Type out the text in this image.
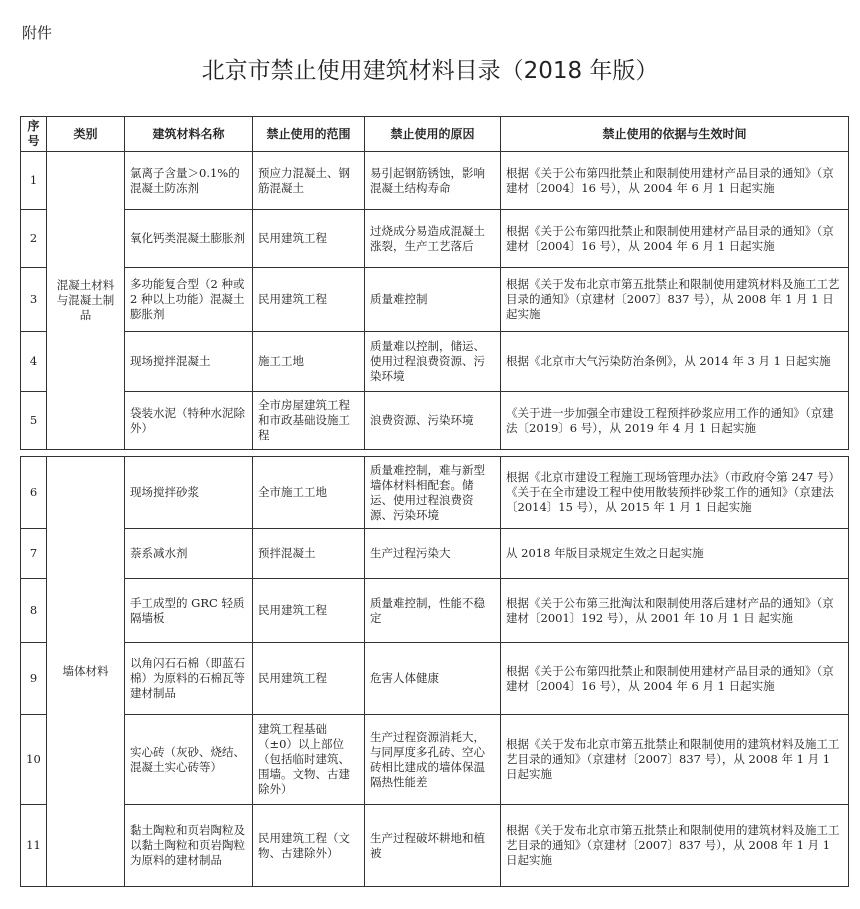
附件
北京市禁止使用建筑材料目录（2018 年版）
序号	类别	建筑材料名称	禁止使用的范围	禁止使用的原因	禁止使用的依据与生效时间
1	混凝土材料与混凝土制品	氯离子含量＞0.1%的混凝土防冻剂	预应力混凝土、钢筋混凝土	易引起钢筋锈蚀，影响混凝土结构寿命	根据《关于公布第四批禁止和限制使用建材产品目录的通知》（京建材〔2004〕16 号），从 2004 年 6 月 1 日起实施
2		氧化钙类混凝土膨胀剂	民用建筑工程	过烧成分易造成混凝土涨裂，生产工艺落后	根据《关于公布第四批禁止和限制使用建材产品目录的通知》（京建材〔2004〕16 号），从 2004 年 6 月 1 日起实施
3		多功能复合型（2 种或 2 种以上功能）混凝土膨胀剂	民用建筑工程	质量难控制	根据《关于发布北京市第五批禁止和限制使用建筑材料及施工工艺目录的通知》（京建材〔2007〕837 号），从 2008 年 1 月 1 日起实施
4		现场搅拌混凝土	施工工地	质量难以控制，储运、使用过程浪费资源、污染环境	根据《北京市大气污染防治条例》，从 2014 年 3 月 1 日起实施
5		袋装水泥（特种水泥除外）	全市房屋建筑工程和市政基础设施工程	浪费资源、污染环境	《关于进一步加强全市建设工程预拌砂浆应用工作的通知》（京建法〔2019〕6 号），从 2019 年 4 月 1 日起实施
6	墙体材料	现场搅拌砂浆	全市施工工地	质量难控制，难与新型墙体材料相配套。储运、使用过程浪费资源、污染环境	根据《北京市建设工程施工现场管理办法》（市政府令第 247 号）《关于在全市建设工程中使用散装预拌砂浆工作的通知》（京建法〔2014〕15 号），从 2015 年 1 月 1 日起实施
7		萘系减水剂	预拌混凝土	生产过程污染大	从 2018 年版目录规定生效之日起实施
8		手工成型的 GRC 轻质隔墙板	民用建筑工程	质量难控制，性能不稳定	根据《关于公布第三批淘汰和限制使用落后建材产品的通知》（京建材〔2001〕192 号），从 2001 年 10 月 1 日 起实施
9		以角闪石石棉（即蓝石棉）为原料的石棉瓦等建材制品	民用建筑工程	危害人体健康	根据《关于公布第四批禁止和限制使用建材产品目录的通知》（京建材〔2004〕16 号），从 2004 年 6 月 1 日起实施
10		实心砖（灰砂、烧结、混凝土实心砖等）	建筑工程基础（±0）以上部位（包括临时建筑、围墙。文物、古建除外）	生产过程资源消耗大，与同厚度多孔砖、空心砖相比建成的墙体保温隔热性能差	根据《关于发布北京市第五批禁止和限制使用的建筑材料及施工工艺目录的通知》（京建材〔2007〕837 号），从 2008 年 1 月 1 日起实施
11		黏土陶粒和页岩陶粒及以黏土陶粒和页岩陶粒为原料的建材制品	民用建筑工程（文物、古建除外）	生产过程破坏耕地和植被	根据《关于发布北京市第五批禁止和限制使用的建筑材料及施工工艺目录的通知》（京建材〔2007〕837 号），从 2008 年 1 月 1 日起实施
